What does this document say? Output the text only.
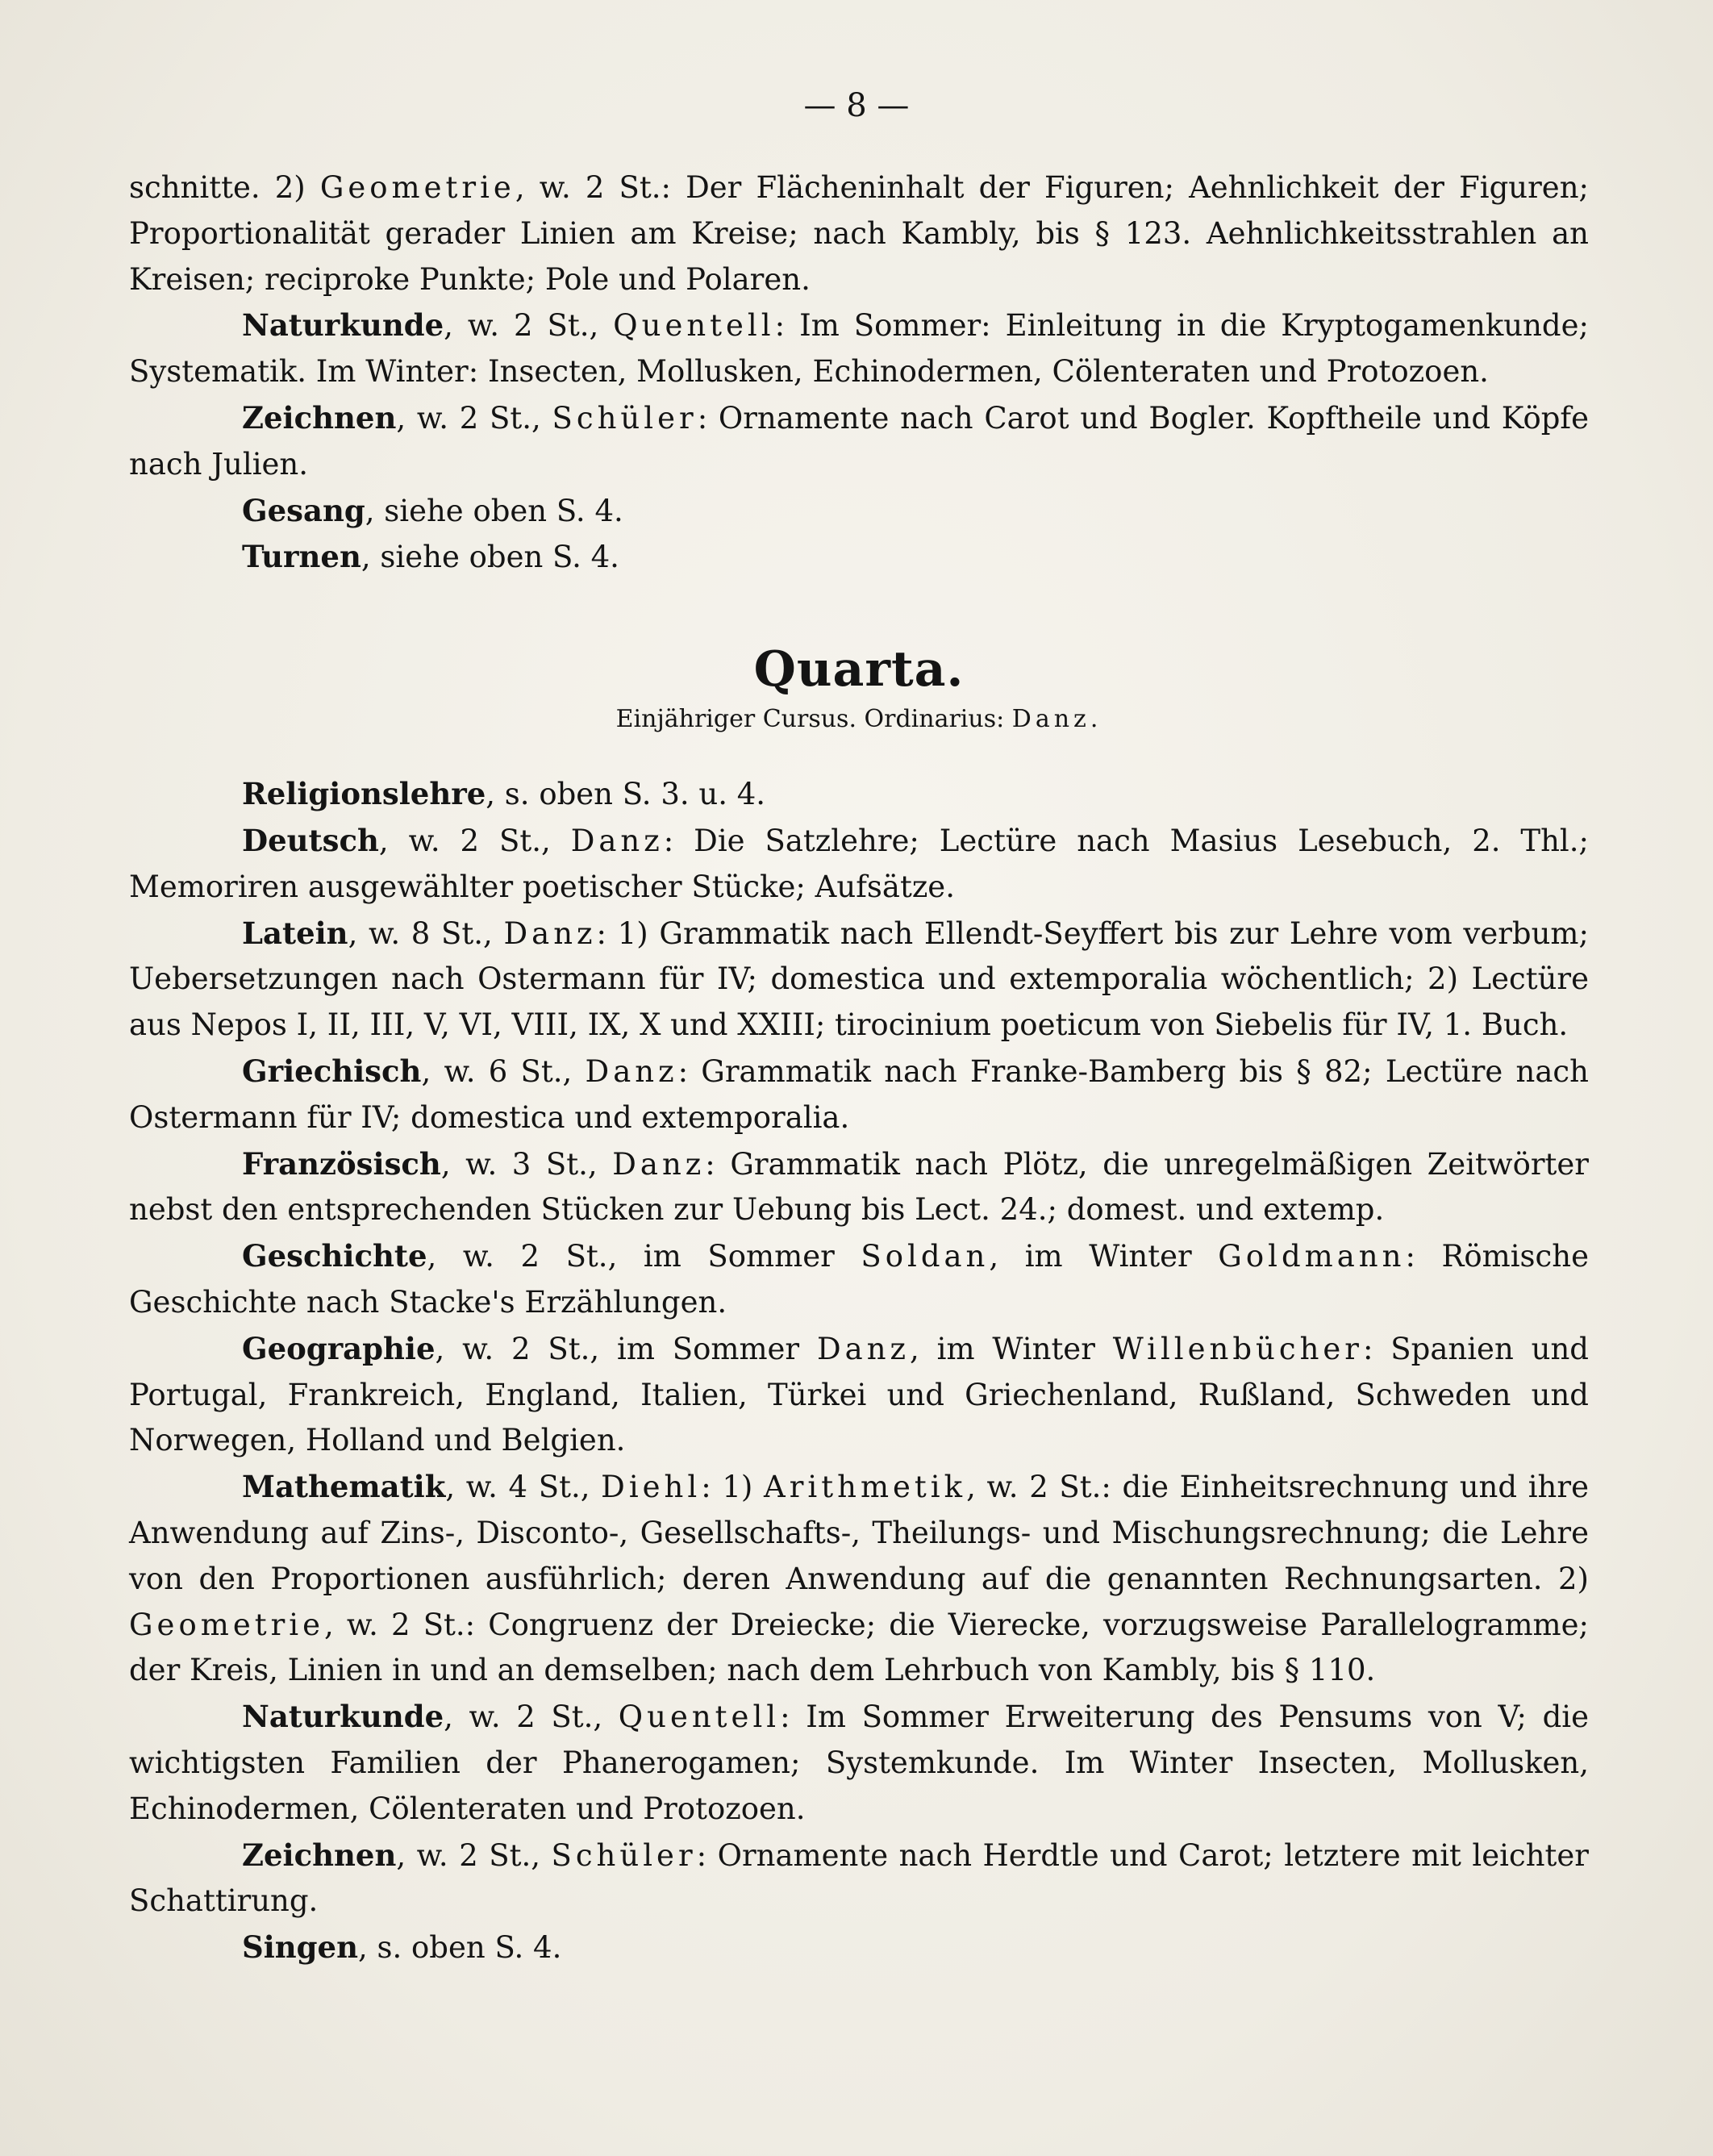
— 8 —

schnitte. 2) Geometrie, w. 2 St.: Der Flächeninhalt der Figuren; Aehnlichkeit der Figuren; Proportionalität gerader Linien am Kreise; nach Kambly, bis § 123. Aehnlichkeitsstrahlen an Kreisen; reciproke Punkte; Pole und Polaren.

Naturkunde, w. 2 St., Quentell: Im Sommer: Einleitung in die Kryptogamenkunde; Systematik. Im Winter: Insecten, Mollusken, Echinodermen, Cölenteraten und Protozoen.

Zeichnen, w. 2 St., Schüler: Ornamente nach Carot und Bogler. Kopftheile und Köpfe nach Julien.

Gesang, siehe oben S. 4.

Turnen, siehe oben S. 4.

Quarta.
Einjähriger Cursus. Ordinarius: Danz.

Religionslehre, s. oben S. 3. u. 4.

Deutsch, w. 2 St., Danz: Die Satzlehre; Lectüre nach Masius Lesebuch, 2. Thl.; Memoriren ausgewählter poetischer Stücke; Aufsätze.

Latein, w. 8 St., Danz: 1) Grammatik nach Ellendt-Seyffert bis zur Lehre vom verbum; Uebersetzungen nach Ostermann für IV; domestica und extemporalia wöchentlich; 2) Lectüre aus Nepos I, II, III, V, VI, VIII, IX, X und XXIII; tirocinium poeticum von Siebelis für IV, 1. Buch.

Griechisch, w. 6 St., Danz: Grammatik nach Franke-Bamberg bis § 82; Lectüre nach Ostermann für IV; domestica und extemporalia.

Französisch, w. 3 St., Danz: Grammatik nach Plötz, die unregelmäßigen Zeitwörter nebst den entsprechenden Stücken zur Uebung bis Lect. 24.; domest. und extemp.

Geschichte, w. 2 St., im Sommer Soldan, im Winter Goldmann: Römische Geschichte nach Stacke's Erzählungen.

Geographie, w. 2 St., im Sommer Danz, im Winter Willenbücher: Spanien und Portugal, Frankreich, England, Italien, Türkei und Griechenland, Rußland, Schweden und Norwegen, Holland und Belgien.

Mathematik, w. 4 St., Diehl: 1) Arithmetik, w. 2 St.: die Einheitsrechnung und ihre Anwendung auf Zins-, Disconto-, Gesellschafts-, Theilungs- und Mischungsrechnung; die Lehre von den Proportionen ausführlich; deren Anwendung auf die genannten Rechnungsarten. 2) Geometrie, w. 2 St.: Congruenz der Dreiecke; die Vierecke, vorzugsweise Parallelogramme; der Kreis, Linien in und an demselben; nach dem Lehrbuch von Kambly, bis § 110.

Naturkunde, w. 2 St., Quentell: Im Sommer Erweiterung des Pensums von V; die wichtigsten Familien der Phanerogamen; Systemkunde. Im Winter Insecten, Mollusken, Echinodermen, Cölenteraten und Protozoen.

Zeichnen, w. 2 St., Schüler: Ornamente nach Herdtle und Carot; letztere mit leichter Schattirung.

Singen, s. oben S. 4.
